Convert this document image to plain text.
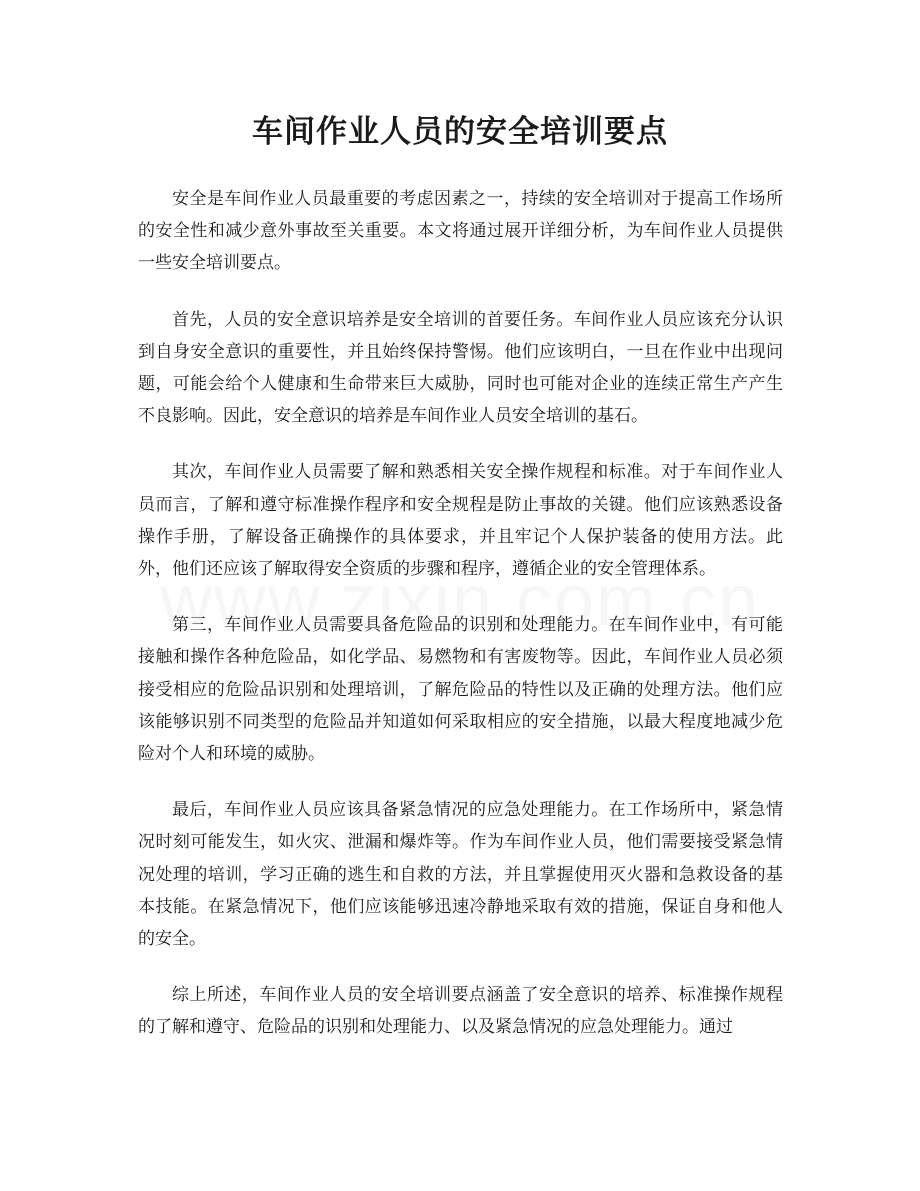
车间作业人员的安全培训要点

安全是车间作业人员最重要的考虑因素之一，持续的安全培训对于提高工作场所的安全性和减少意外事故至关重要。本文将通过展开详细分析，为车间作业人员提供一些安全培训要点。

首先，人员的安全意识培养是安全培训的首要任务。车间作业人员应该充分认识到自身安全意识的重要性，并且始终保持警惕。他们应该明白，一旦在作业中出现问题，可能会给个人健康和生命带来巨大威胁，同时也可能对企业的连续正常生产产生不良影响。因此，安全意识的培养是车间作业人员安全培训的基石。

其次，车间作业人员需要了解和熟悉相关安全操作规程和标准。对于车间作业人员而言，了解和遵守标准操作程序和安全规程是防止事故的关键。他们应该熟悉设备操作手册，了解设备正确操作的具体要求，并且牢记个人保护装备的使用方法。此外，他们还应该了解取得安全资质的步骤和程序，遵循企业的安全管理体系。

第三，车间作业人员需要具备危险品的识别和处理能力。在车间作业中，有可能接触和操作各种危险品，如化学品、易燃物和有害废物等。因此，车间作业人员必须接受相应的危险品识别和处理培训，了解危险品的特性以及正确的处理方法。他们应该能够识别不同类型的危险品并知道如何采取相应的安全措施，以最大程度地减少危险对个人和环境的威胁。

最后，车间作业人员应该具备紧急情况的应急处理能力。在工作场所中，紧急情况时刻可能发生，如火灾、泄漏和爆炸等。作为车间作业人员，他们需要接受紧急情况处理的培训，学习正确的逃生和自救的方法，并且掌握使用灭火器和急救设备的基本技能。在紧急情况下，他们应该能够迅速冷静地采取有效的措施，保证自身和他人的安全。

综上所述，车间作业人员的安全培训要点涵盖了安全意识的培养、标准操作规程的了解和遵守、危险品的识别和处理能力、以及紧急情况的应急处理能力。通过
